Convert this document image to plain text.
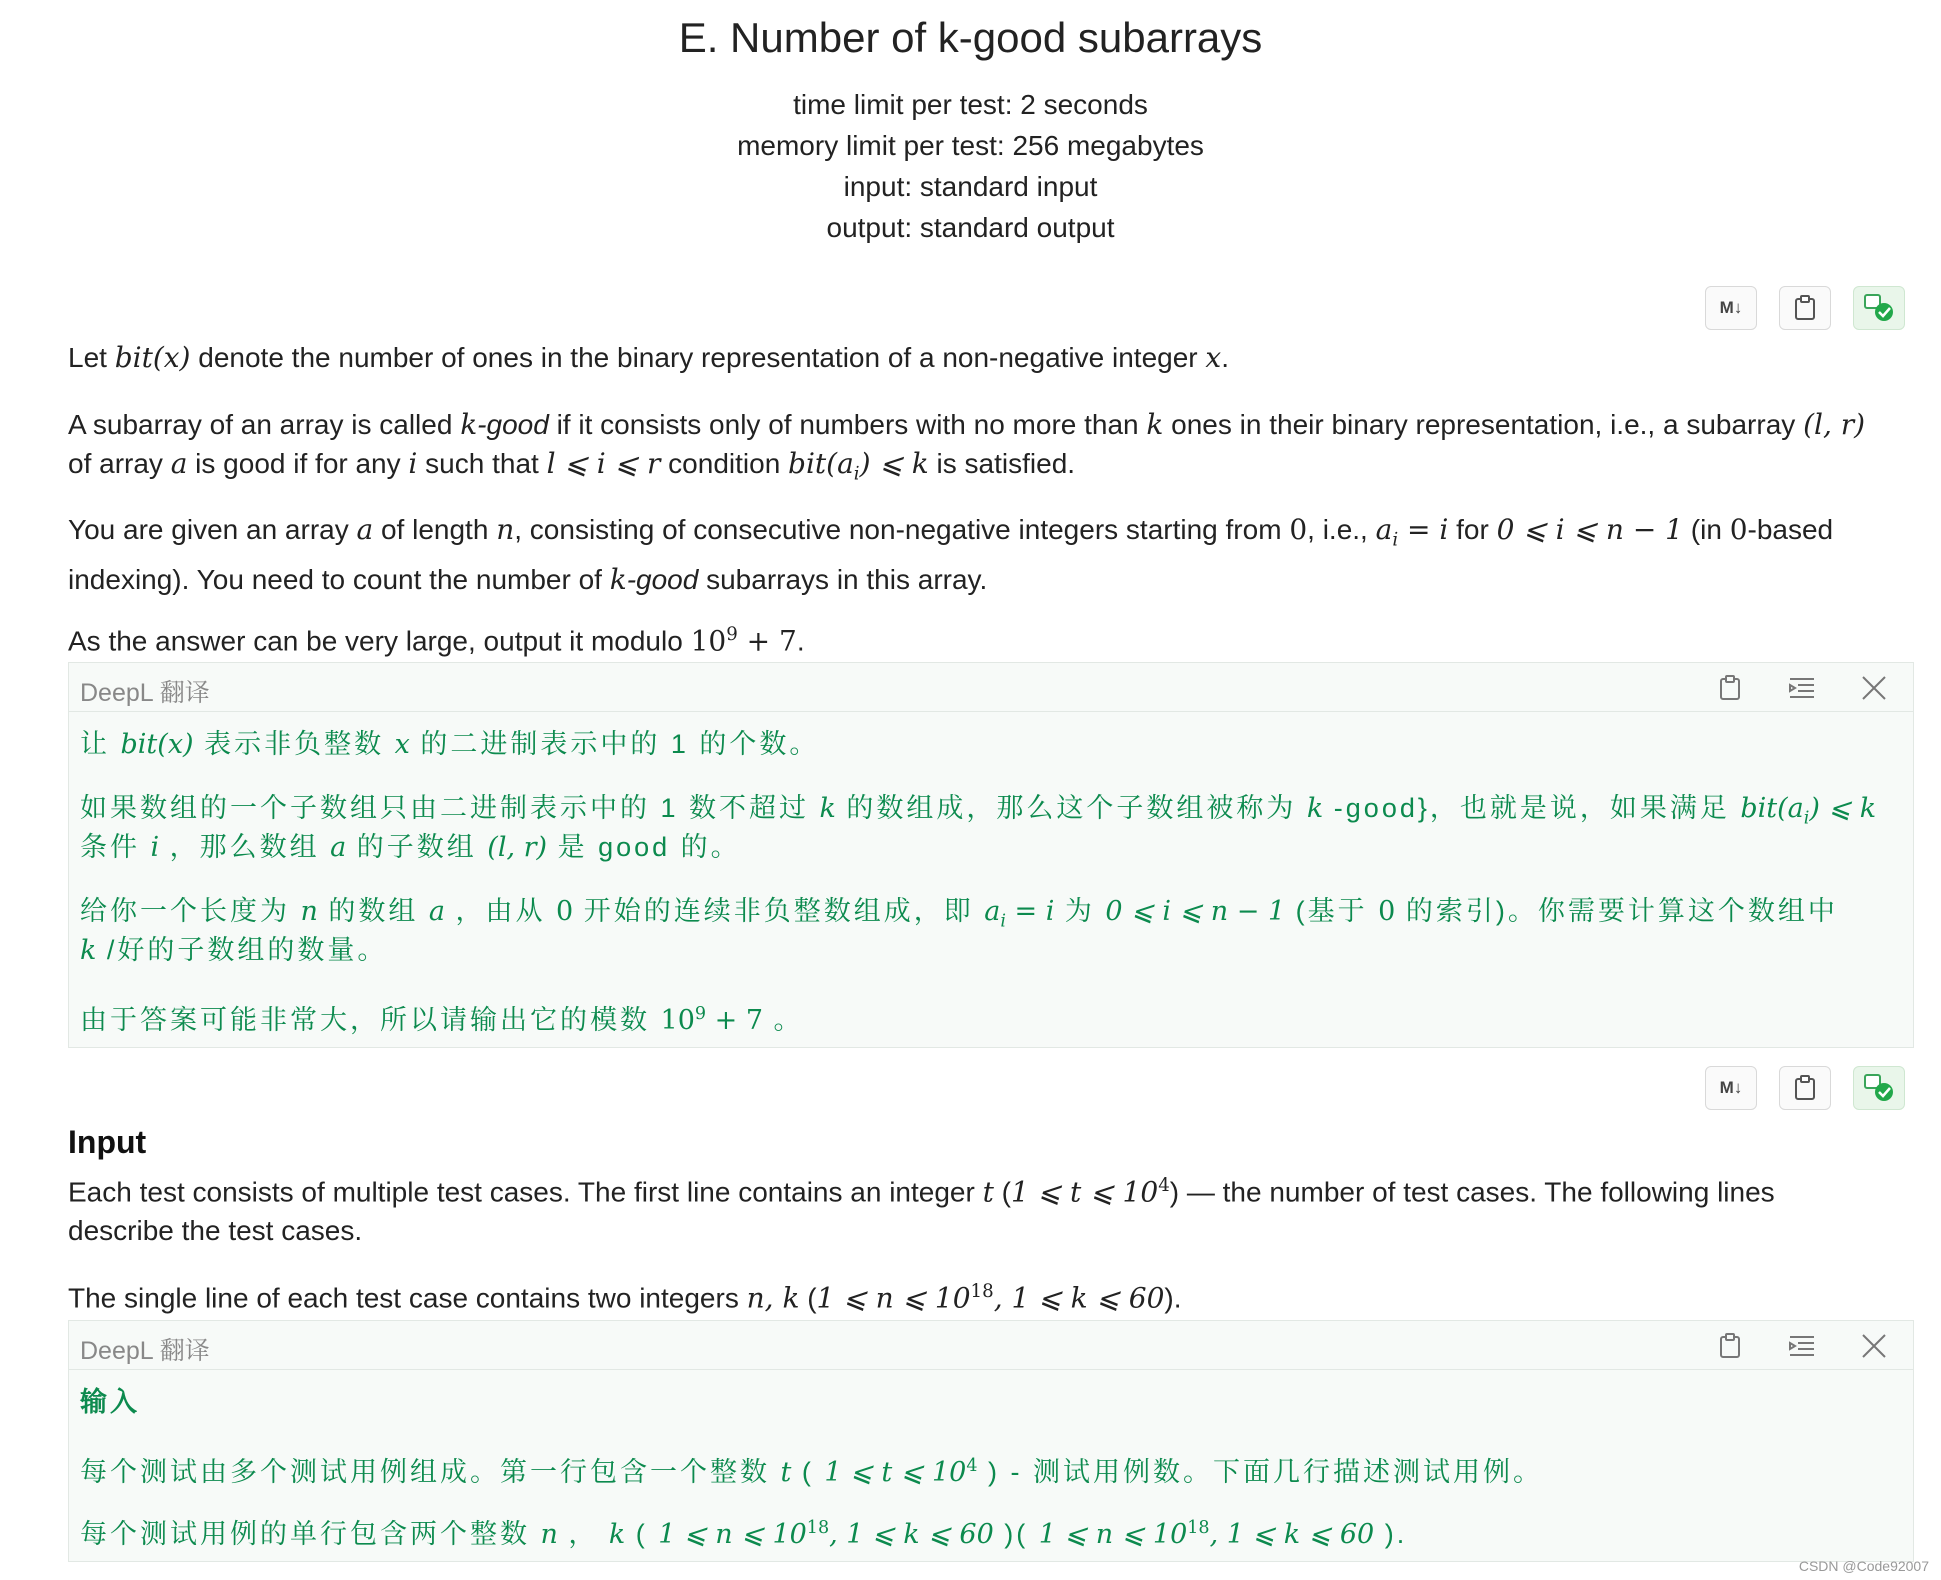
E. Number of k-good subarrays
time limit per test: 2 seconds
memory limit per test: 256 megabytes
input: standard input
output: standard output
M↓
Let bit(x) denote the number of ones in the binary representation of a non-negative integer x.
A subarray of an array is called k-good if it consists only of numbers with no more than k ones in their binary representation, i.e., a subarray (l, r) of array a is good if for any i such that l ⩽ i ⩽ r condition $bit(a_i)$ ⩽ k is satisfied.
You are given an array a of length n, consisting of consecutive non-negative integers starting from 0, i.e., $a_i = i$ for 0 ⩽ i ⩽ n − 1 (in 0-based indexing). You need to count the number of k-good subarrays in this array.
As the answer can be very large, output it modulo $10^9 + 7$.
DeepL 翻译
让 bit(x) 表示非负整数 x 的二进制表示中的 1 的个数。
如果数组的一个子数组只由二进制表示中的 1 数不超过 k 的数组成，那么这个子数组被称为 k -good}，也就是说，如果满足 $bit(a_i)$ ⩽ k
条件 i ，那么数组 a 的子数组 (l, r) 是 good 的。
给你一个长度为 n 的数组 a ，由从 0 开始的连续非负整数组成，即 $a_i = i$ 为 0 ⩽ i ⩽ n − 1 (基于 0 的索引)。你需要计算这个数组中
k /好的子数组的数量。
由于答案可能非常大，所以请输出它的模数 $10^9 + 7$ 。
M↓
Input
Each test consists of multiple test cases. The first line contains an integer t (1 ⩽ t ⩽ $10^4$) — the number of test cases. The following lines describe the test cases.
The single line of each test case contains two integers n, k (1 ⩽ n ⩽ $10^{18}$, 1 ⩽ k ⩽ 60).
DeepL 翻译
输入
每个测试由多个测试用例组成。第一行包含一个整数 t ( 1 ⩽ t ⩽ $10^4$ ) - 测试用例数。下面几行描述测试用例。
每个测试用例的单行包含两个整数 n ， k ( 1 ⩽ n ⩽ $10^{18}$, 1 ⩽ k ⩽ 60 )( 1 ⩽ n ⩽ $10^{18}$, 1 ⩽ k ⩽ 60 ).
CSDN @Code92007
